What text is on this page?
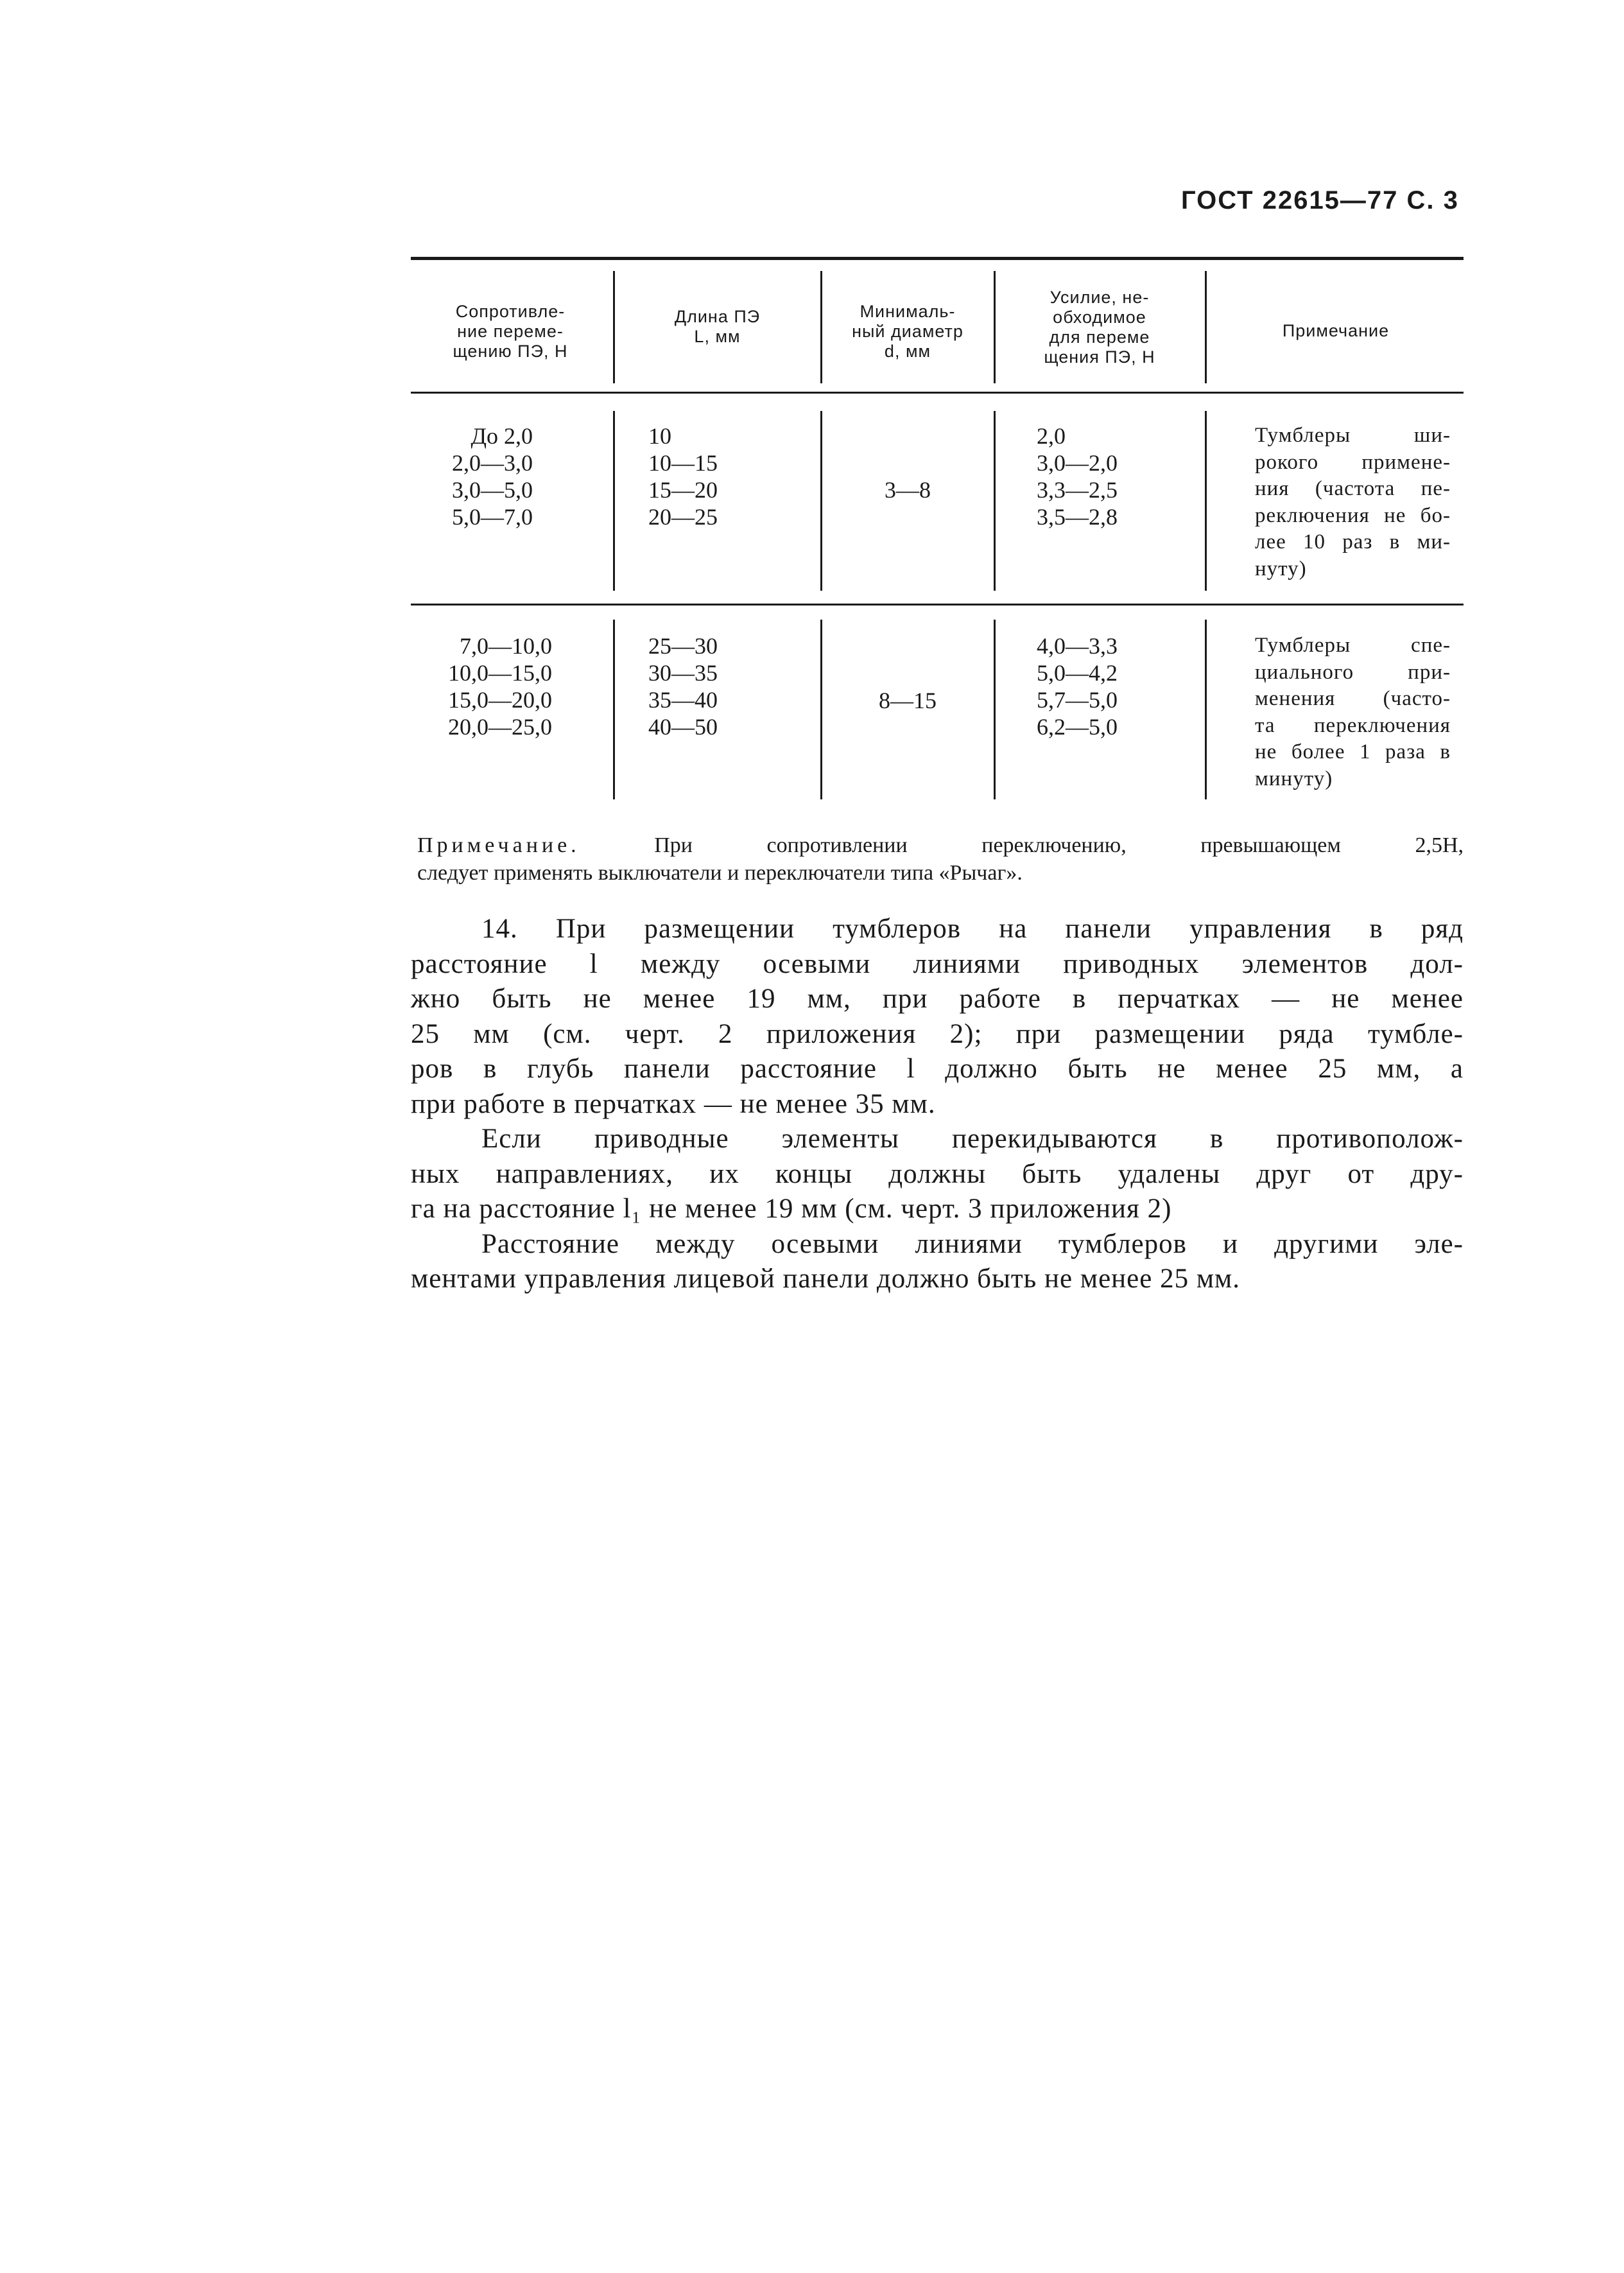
ГОСТ 22615—77 С. 3
Сопротивле-
ние переме-
щению ПЭ, Н
Длина ПЭ
L, мм
Минималь-
ный диаметр
d, мм
Усилие, не-
обходимое
для переме
щения ПЭ, Н
Примечание
До 2,0
2,0—3,0
3,0—5,0
5,0—7,0
10
10—15
15—20
20—25
3—8
2,0
3,0—2,0
3,3—2,5
3,5—2,8
Тумблеры ши-
рокого примене-
ния (частота пе-
реключения не бо-
лее 10 раз в ми-
нуту)
7,0—10,0
10,0—15,0
15,0—20,0
20,0—25,0
25—30
30—35
35—40
40—50
8—15
4,0—3,3
5,0—4,2
5,7—5,0
6,2—5,0
Тумблеры спе-
циального при-
менения (часто-
та переключения
не более 1 раза в
минуту)
Примечание.	При сопротивлении переключению, превышающем 2,5Н,
следует применять выключатели и переключатели типа «Рычаг».
14. При размещении тумблеров на панели управления в ряд
расстояние l между осевыми линиями приводных элементов дол-
жно быть не менее 19 мм, при работе в перчатках — не менее
25 мм (см. черт. 2 приложения 2); при размещении ряда тумбле-
ров в глубь панели расстояние l должно быть не менее 25 мм, а
при работе в перчатках — не менее 35 мм.
Если приводные элементы перекидываются в противополож-
ных направлениях, их концы должны быть удалены друг от дру-
га на расстояние l₁ не менее 19 мм (см. черт. 3 приложения 2)
Расстояние между осевыми линиями тумблеров и другими эле-
ментами управления лицевой панели должно быть не менее 25 мм.
